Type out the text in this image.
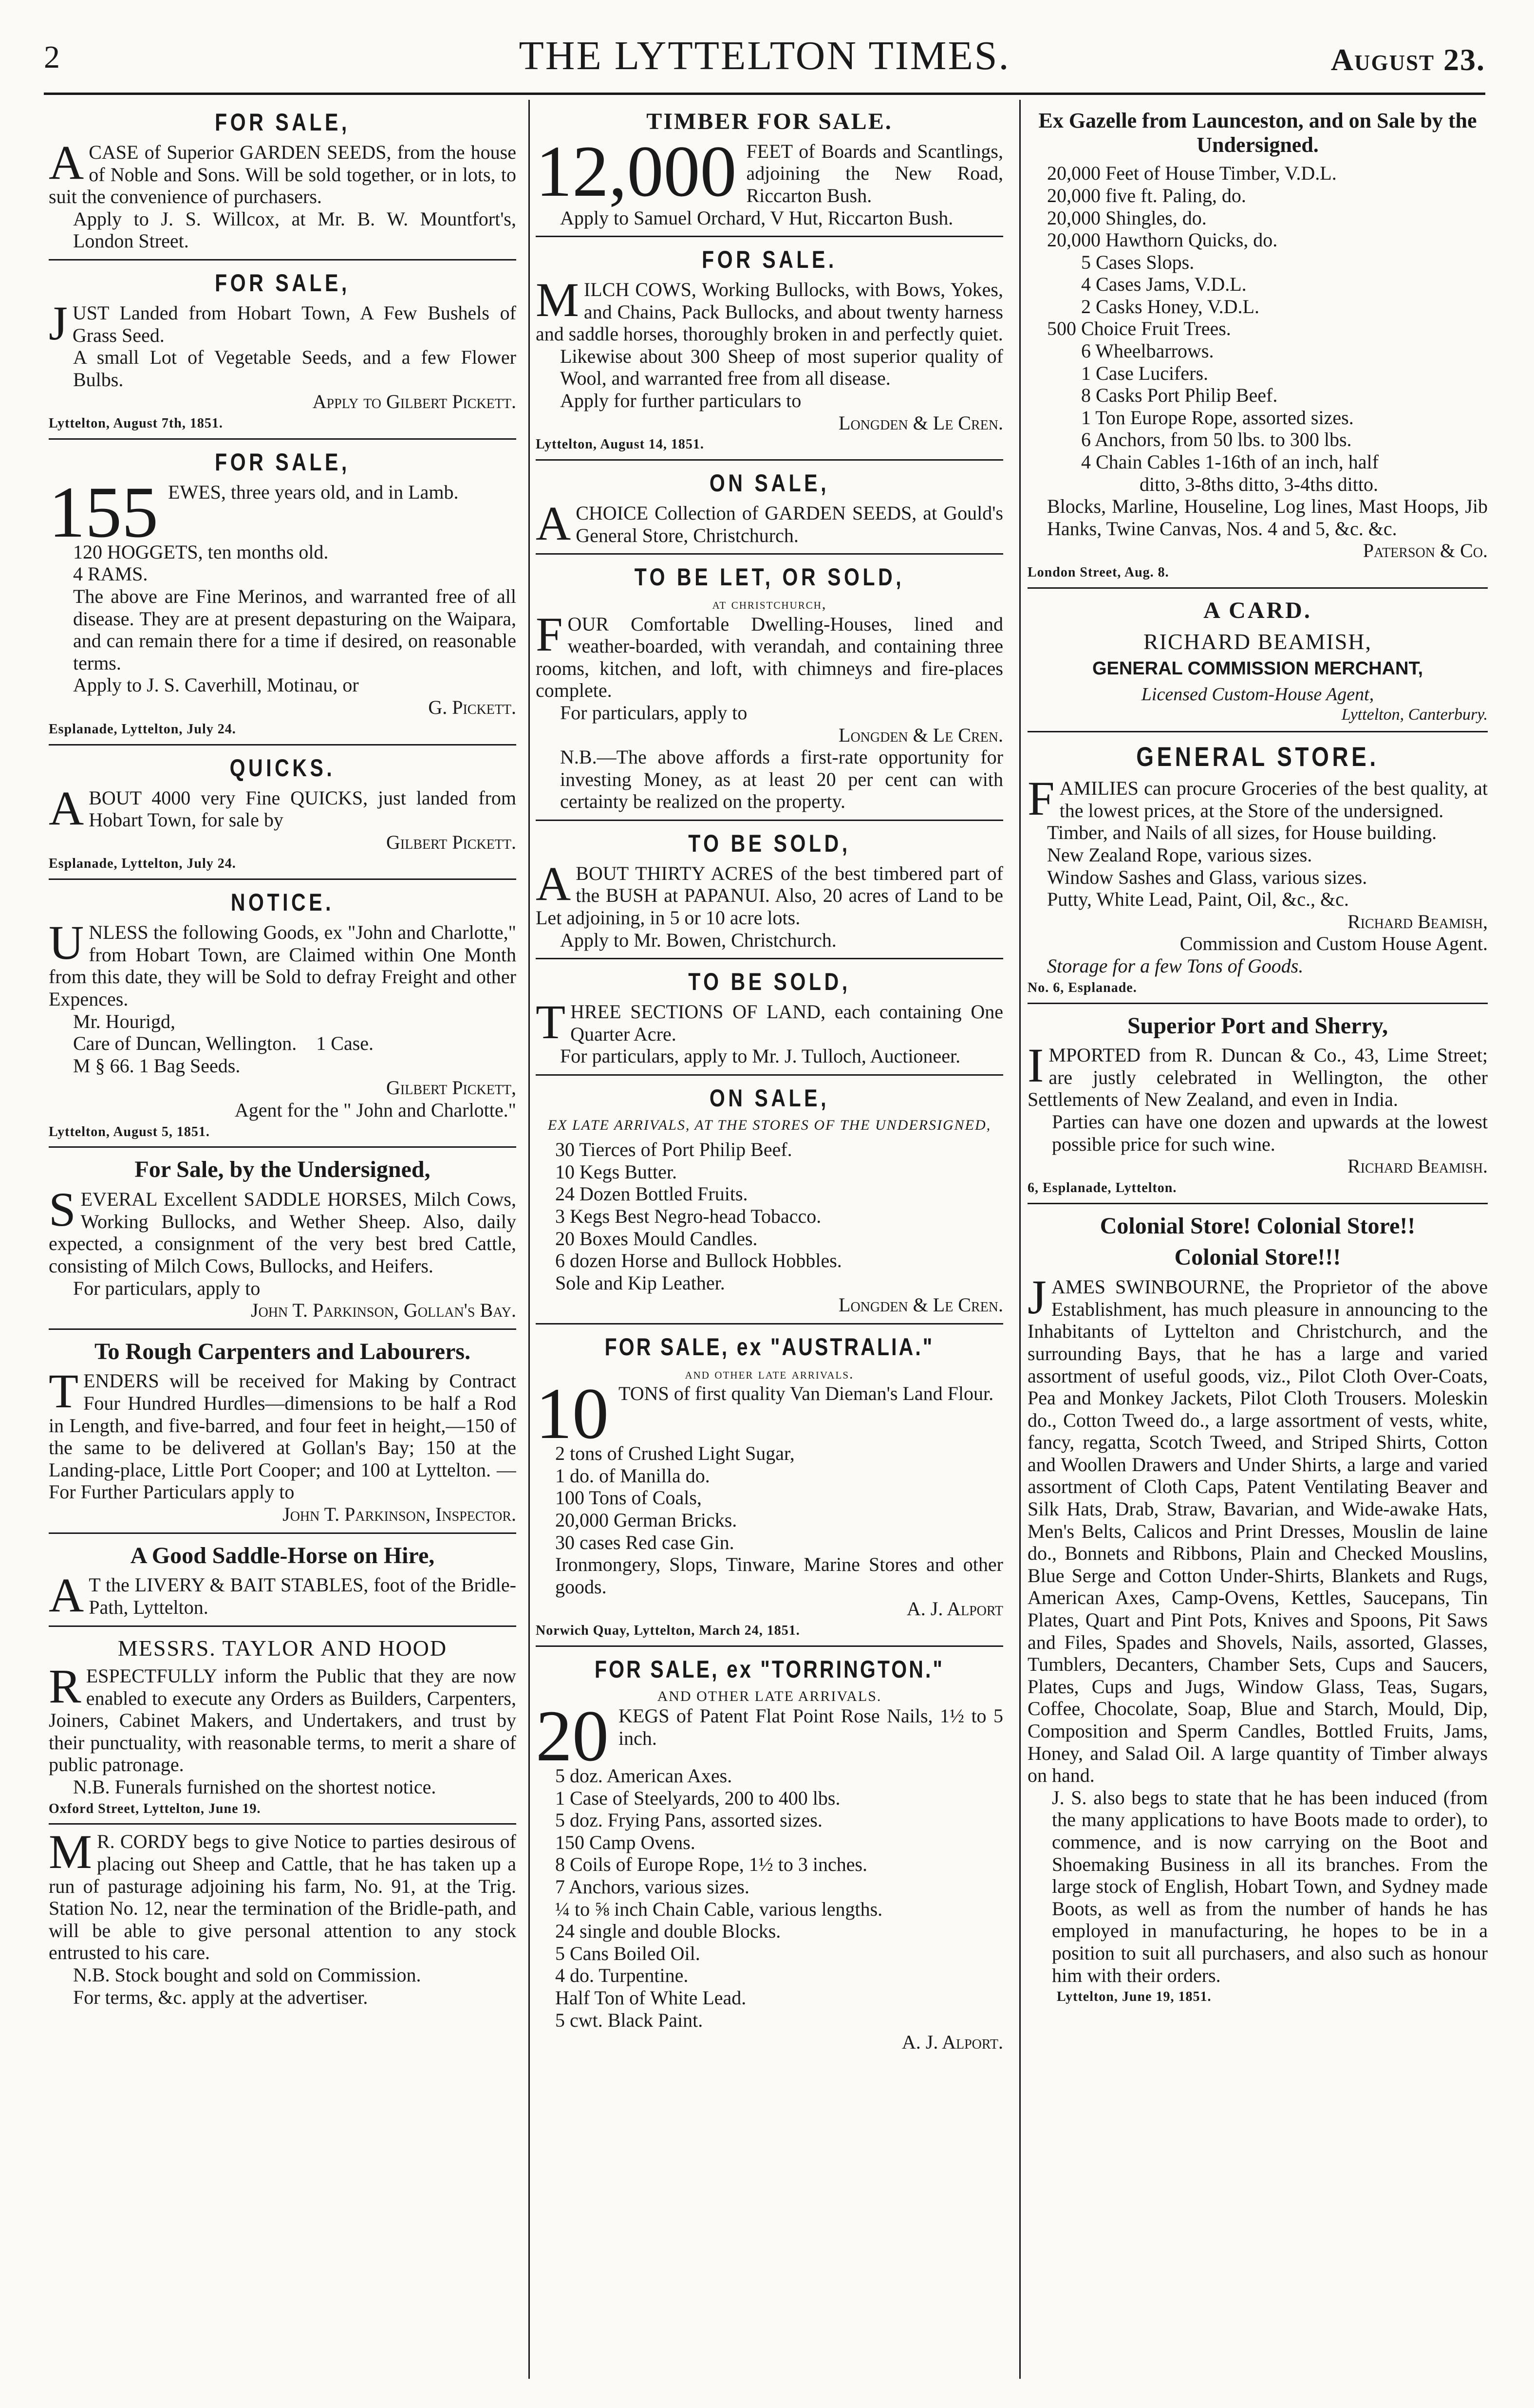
2	THE LYTTELTON TIMES.	August 23.
FOR SALE,

ACASE of Superior GARDEN SEEDS, from the house of Noble and Sons. Will be sold together, or in lots, to suit the convenience of purchasers.

Apply to J. S. Willcox, at Mr. B. W. Mountfort's, London Street.

FOR SALE,

JUST Landed from Hobart Town, A Few Bushels of Grass Seed.

A small Lot of Vegetable Seeds, and a few Flower Bulbs.

Apply to Gilbert Pickett.

Lyttelton, August 7th, 1851.
FOR SALE,

155 EWES, three years old, and in Lamb.

120 HOGGETS, ten months old.

4 RAMS.

The above are Fine Merinos, and warranted free of all disease. They are at present depasturing on the Waipara, and can remain there for a time if desired, on reasonable terms.

Apply to J. S. Caverhill, Motinau, or

G. Pickett.

Esplanade, Lyttelton, July 24.
QUICKS.

ABOUT 4000 very Fine QUICKS, just landed from Hobart Town, for sale by

Gilbert Pickett.

Esplanade, Lyttelton, July 24.
NOTICE.

UNLESS the following Goods, ex "John and Charlotte," from Hobart Town, are Claimed within One Month from this date, they will be Sold to defray Freight and other Expences.

Mr. Hourigd,

Care of Duncan, Wellington. 1 Case.

M § 66. 1 Bag Seeds.

Gilbert Pickett,

Agent for the " John and Charlotte."

Lyttelton, August 5, 1851.
For Sale, by the Undersigned,

SEVERAL Excellent SADDLE HORSES, Milch Cows, Working Bullocks, and Wether Sheep. Also, daily expected, a consignment of the very best bred Cattle, consisting of Milch Cows, Bullocks, and Heifers.

For particulars, apply to

John T. Parkinson, Gollan's Bay.

To Rough Carpenters and Labourers.

TENDERS will be received for Making by Contract Four Hundred Hurdles—dimensions to be half a Rod in Length, and five-barred, and four feet in height,—150 of the same to be delivered at Gollan's Bay; 150 at the Landing-place, Little Port Cooper; and 100 at Lyttelton. — For Further Particulars apply to

John T. Parkinson, Inspector.

A Good Saddle-Horse on Hire,

A T the LIVERY & BAIT STABLES, foot of the Bridle-Path, Lyttelton.

MESSRS. TAYLOR AND HOOD

RESPECTFULLY inform the Public that they are now enabled to execute any Orders as Builders, Carpenters, Joiners, Cabinet Makers, and Undertakers, and trust by their punctuality, with reasonable terms, to merit a share of public patronage.

N.B. Funerals furnished on the shortest notice.

Oxford Street, Lyttelton, June 19.

M R. CORDY begs to give Notice to parties desirous of placing out Sheep and Cattle, that he has taken up a run of pasturage adjoining his farm, No. 91, at the Trig. Station No. 12, near the termination of the Bridle-path, and will be able to give personal attention to any stock entrusted to his care.

N.B. Stock bought and sold on Commission.

For terms, &c. apply at the advertiser.

TIMBER FOR SALE.

12,000 FEET of Boards and Scantlings, adjoining the New Road, Riccarton Bush.

Apply to Samuel Orchard, V Hut, Riccarton Bush.

FOR SALE.

MILCH COWS, Working Bullocks, with Bows, Yokes, and Chains, Pack Bullocks, and about twenty harness and saddle horses, thoroughly broken in and perfectly quiet.

Likewise about 300 Sheep of most superior quality of Wool, and warranted free from all disease.

Apply for further particulars to

Longden & Le Cren.

Lyttelton, August 14, 1851.
ON SALE,

ACHOICE Collection of GARDEN SEEDS, at Gould's General Store, Christchurch.

TO BE LET, OR SOLD,
at christchurch,

FOUR Comfortable Dwelling-Houses, lined and weather-boarded, with verandah, and containing three rooms, kitchen, and loft, with chimneys and fire-places complete.

For particulars, apply to

Longden & Le Cren.

N.B.—The above affords a first-rate opportunity for investing Money, as at least 20 per cent can with certainty be realized on the property.

TO BE SOLD,

ABOUT THIRTY ACRES of the best timbered part of the BUSH at PAPANUI. Also, 20 acres of Land to be Let adjoining, in 5 or 10 acre lots.

Apply to Mr. Bowen, Christchurch.

TO BE SOLD,

THREE SECTIONS OF LAND, each containing One Quarter Acre.

For particulars, apply to Mr. J. Tulloch, Auctioneer.

ON SALE,
EX LATE ARRIVALS, AT THE STORES OF THE UNDERSIGNED,
30 Tierces of Port Philip Beef.
10 Kegs Butter.
24 Dozen Bottled Fruits.
3 Kegs Best Negro-head Tobacco.
20 Boxes Mould Candles.
6 dozen Horse and Bullock Hobbles.
Sole and Kip Leather.

Longden & Le Cren.

FOR SALE, ex "AUSTRALIA."
and other late arrivals.

10 TONS of first quality Van Dieman's Land Flour.

2 tons of Crushed Light Sugar,
1 do. of Manilla do.
100 Tons of Coals,
20,000 German Bricks.
30 cases Red case Gin.

Ironmongery, Slops, Tinware, Marine Stores and other goods.

A. J. Alport

Norwich Quay, Lyttelton, March 24, 1851.
FOR SALE, ex "TORRINGTON."
AND OTHER LATE ARRIVALS.

20 KEGS of Patent Flat Point Rose Nails, 1½ to 5 inch.

5 doz. American Axes.
1 Case of Steelyards, 200 to 400 lbs.
5 doz. Frying Pans, assorted sizes.
150 Camp Ovens.
8 Coils of Europe Rope, 1½ to 3 inches.
7 Anchors, various sizes.
¼ to ⅝ inch Chain Cable, various lengths.
24 single and double Blocks.
5 Cans Boiled Oil.
4 do. Turpentine.
Half Ton of White Lead.
5 cwt. Black Paint.

A. J. Alport.

Ex Gazelle from Launceston, and on Sale by the Undersigned.
20,000 Feet of House Timber, V.D.L.
20,000 five ft. Paling, do.
20,000 Shingles, do.
20,000 Hawthorn Quicks, do.
5 Cases Slops.
4 Cases Jams, V.D.L.
2 Casks Honey, V.D.L.
500 Choice Fruit Trees.
6 Wheelbarrows.
1 Case Lucifers.
8 Casks Port Philip Beef.
1 Ton Europe Rope, assorted sizes.
6 Anchors, from 50 lbs. to 300 lbs.
4 Chain Cables 1-16th of an inch, half
ditto, 3-8ths ditto, 3-4ths ditto.

Blocks, Marline, Houseline, Log lines, Mast Hoops, Jib Hanks, Twine Canvas, Nos. 4 and 5, &c. &c.

Paterson & Co.

London Street, Aug. 8.
A CARD.
RICHARD BEAMISH,
GENERAL COMMISSION MERCHANT,
Licensed Custom-House Agent,
Lyttelton, Canterbury.
GENERAL STORE.

FAMILIES can procure Groceries of the best quality, at the lowest prices, at the Store of the undersigned.

Timber, and Nails of all sizes, for House building.
New Zealand Rope, various sizes.
Window Sashes and Glass, various sizes.
Putty, White Lead, Paint, Oil, &c., &c.

Richard Beamish,

Commission and Custom House Agent.

Storage for a few Tons of Goods.

No. 6, Esplanade.
Superior Port and Sherry,

IMPORTED from R. Duncan & Co., 43, Lime Street; are justly celebrated in Wellington, the other Settlements of New Zealand, and even in India.

Parties can have one dozen and upwards at the lowest possible price for such wine.

Richard Beamish.

6, Esplanade, Lyttelton.
Colonial Store! Colonial Store!!
Colonial Store!!!

JAMES SWINBOURNE, the Proprietor of the above Establishment, has much pleasure in announcing to the Inhabitants of Lyttelton and Christchurch, and the surrounding Bays, that he has a large and varied assortment of useful goods, viz., Pilot Cloth Over-Coats, Pea and Monkey Jackets, Pilot Cloth Trousers. Moleskin do., Cotton Tweed do., a large assortment of vests, white, fancy, regatta, Scotch Tweed, and Striped Shirts, Cotton and Woollen Drawers and Under Shirts, a large and varied assortment of Cloth Caps, Patent Ventilating Beaver and Silk Hats, Drab, Straw, Bavarian, and Wide-awake Hats, Men's Belts, Calicos and Print Dresses, Mouslin de laine do., Bonnets and Ribbons, Plain and Checked Mouslins, Blue Serge and Cotton Under-Shirts, Blankets and Rugs, American Axes, Camp-Ovens, Kettles, Saucepans, Tin Plates, Quart and Pint Pots, Knives and Spoons, Pit Saws and Files, Spades and Shovels, Nails, assorted, Glasses, Tumblers, Decanters, Chamber Sets, Cups and Saucers, Plates, Cups and Jugs, Window Glass, Teas, Sugars, Coffee, Chocolate, Soap, Blue and Starch, Mould, Dip, Composition and Sperm Candles, Bottled Fruits, Jams, Honey, and Salad Oil. A large quantity of Timber always on hand.

J. S. also begs to state that he has been induced (from the many applications to have Boots made to order), to commence, and is now carrying on the Boot and Shoemaking Business in all its branches. From the large stock of English, Hobart Town, and Sydney made Boots, as well as from the number of hands he has employed in manufacturing, he hopes to be in a position to suit all purchasers, and also such as honour him with their orders.

Lyttelton, June 19, 1851.
